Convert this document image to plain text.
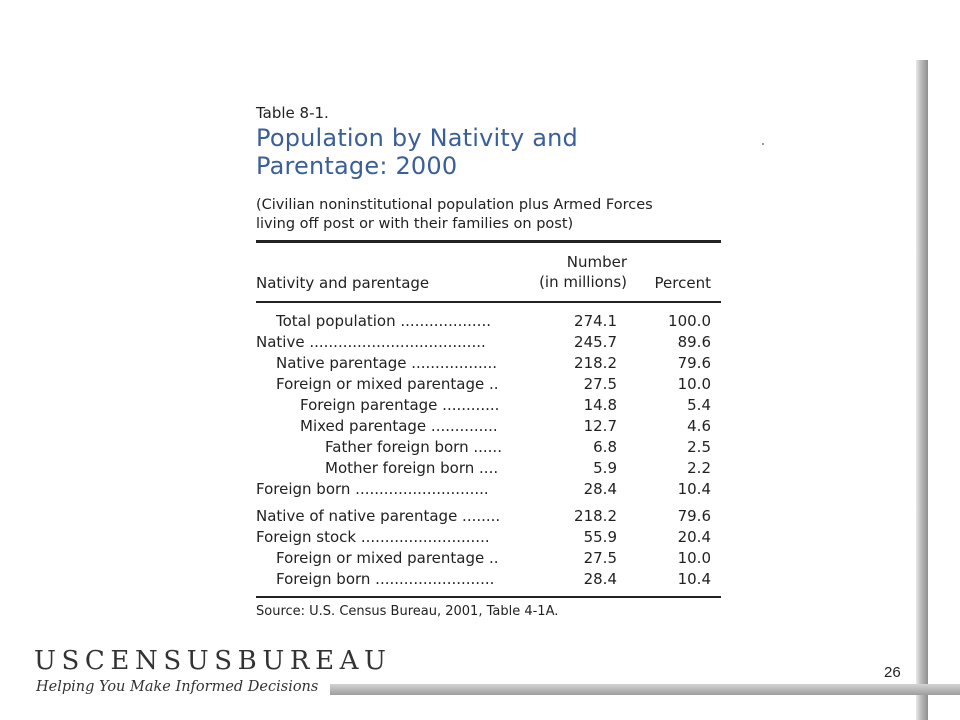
Table 8-1.
Population by Nativity and
Parentage: 2000
(Civilian noninstitutional population plus Armed Forces
living off post or with their families on post)
Nativity and parentage
Number
(in millions) Percent
Total population ...................	274.1	100.0
Native .....................................	245.7	89.6
Native parentage ..................	218.2	79.6
Foreign or mixed parentage ..	27.5	10.0
Foreign parentage ............	14.8	5.4
Mixed parentage ..............	12.7	4.6
Father foreign born ......	6.8	2.5
Mother foreign born ....	5.9	2.2
Foreign born ............................	28.4	10.4
Native of native parentage ........	218.2	79.6
Foreign stock ...........................	55.9	20.4
Foreign or mixed parentage ..	27.5	10.0
Foreign born .........................	28.4	10.4
Source: U.S. Census Bureau, 2001, Table 4-1A.
USCENSUSBUREAU
Helping You Make Informed Decisions
26
